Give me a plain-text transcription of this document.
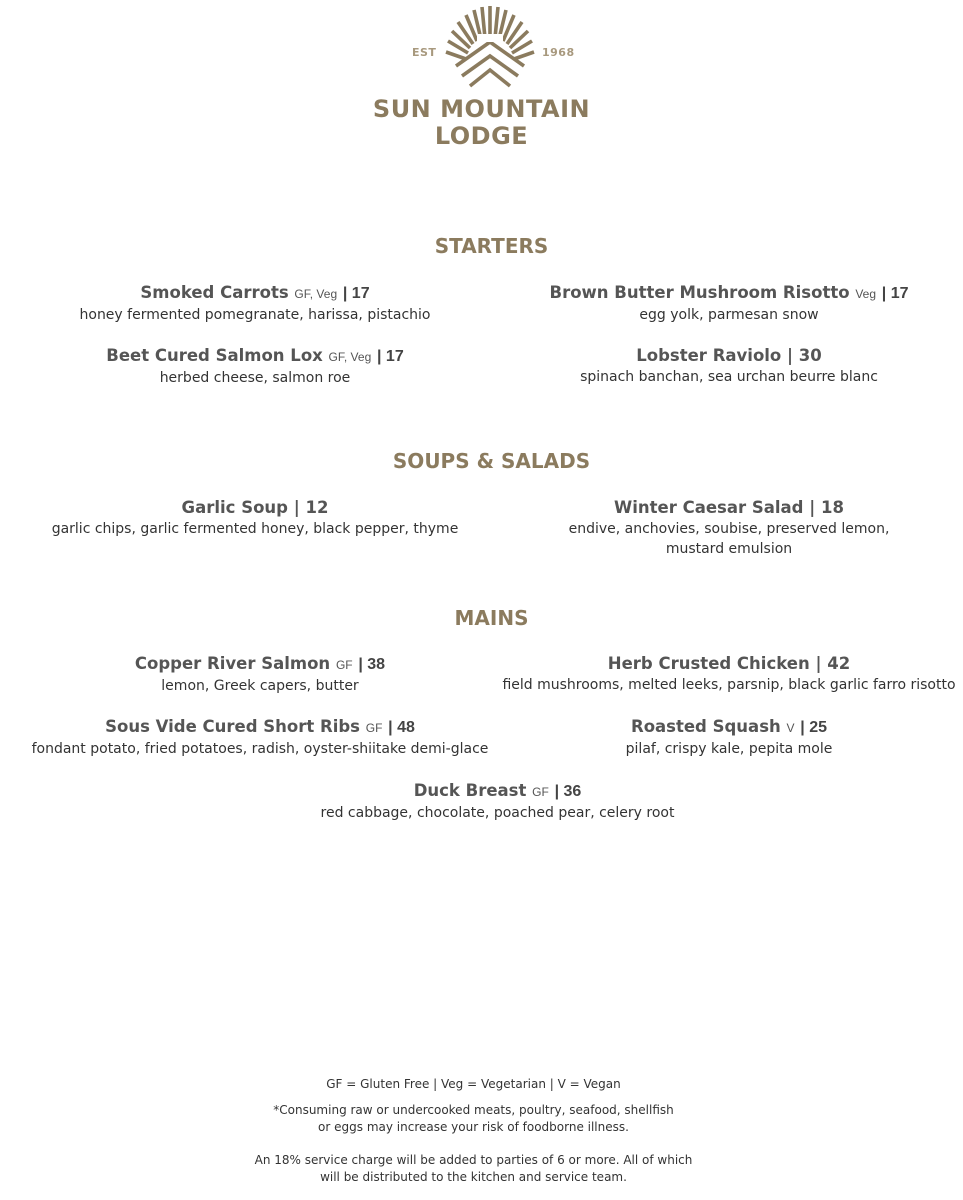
EST	1968
SUN MOUNTAIN
LODGE
STARTERS
Smoked Carrots GF, Veg | 17
honey fermented pomegranate, harissa, pistachio
Brown Butter Mushroom Risotto Veg | 17
egg yolk, parmesan snow
Beet Cured Salmon Lox GF, Veg | 17
herbed cheese, salmon roe
Lobster Raviolo | 30
spinach banchan, sea urchan beurre blanc
SOUPS & SALADS
Garlic Soup | 12
garlic chips, garlic fermented honey, black pepper, thyme
Winter Caesar Salad | 18
endive, anchovies, soubise, preserved lemon, mustard emulsion
MAINS
Copper River Salmon GF | 38
lemon, Greek capers, butter
Herb Crusted Chicken | 42
field mushrooms, melted leeks, parsnip, black garlic farro risotto
Sous Vide Cured Short Ribs GF | 48
fondant potato, fried potatoes, radish, oyster-shiitake demi-glace
Roasted Squash V | 25
pilaf, crispy kale, pepita mole
Duck Breast GF | 36
red cabbage, chocolate, poached pear, celery root
GF = Gluten Free | Veg = Vegetarian | V = Vegan
*Consuming raw or undercooked meats, poultry, seafood, shellfish
or eggs may increase your risk of foodborne illness.
An 18% service charge will be added to parties of 6 or more. All of which
will be distributed to the kitchen and service team.
